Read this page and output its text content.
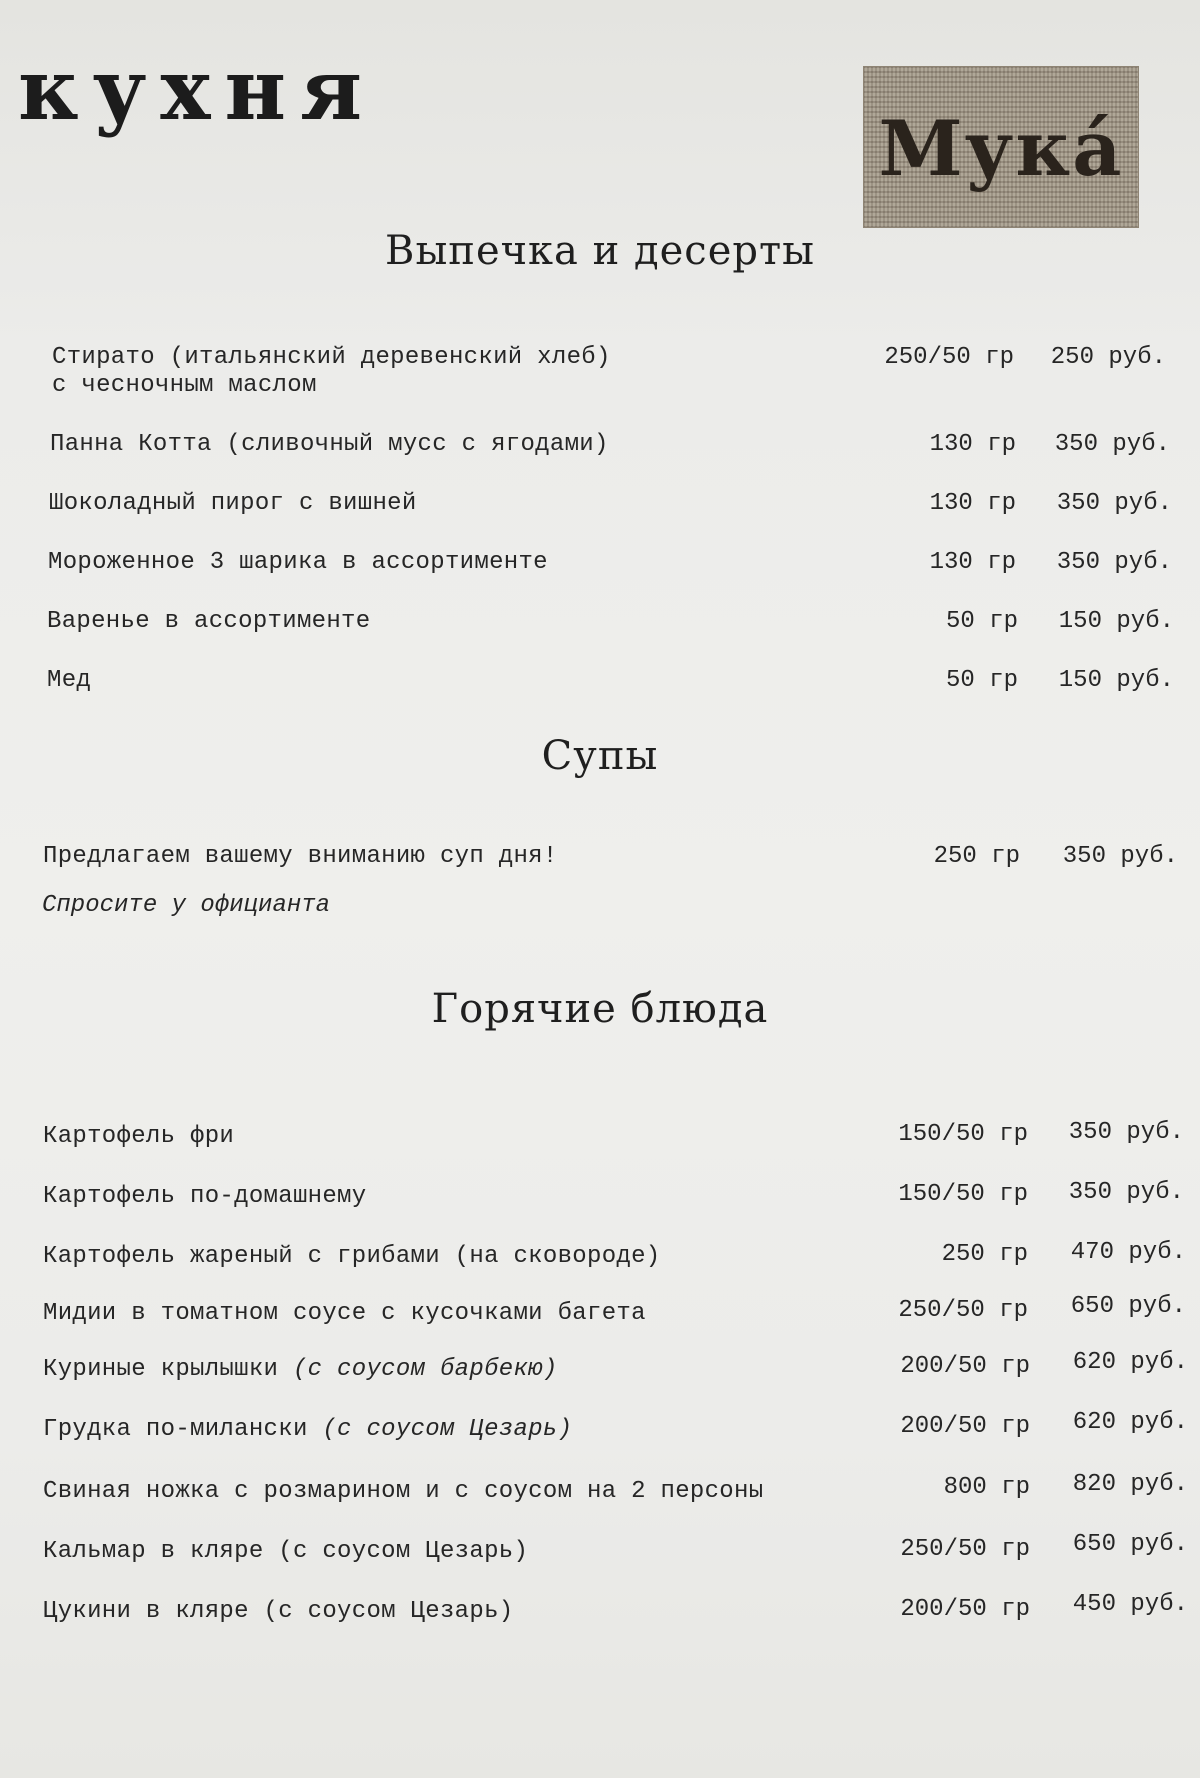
кухня
Мука́
Выпечка и десерты
Стирато (итальянский деревенский хлеб)
с чесночным маслом
250/50 гр	250 руб.
Панна Котта (сливочный мусс с ягодами)	130 гр	350 руб.
Шоколадный пирог с вишней	130 гр	350 руб.
Мороженное 3 шарика в ассортименте	130 гр	350 руб.
Варенье в ассортименте	50 гр	150 руб.
Мед	50 гр	150 руб.
Супы
Предлагаем вашему вниманию суп дня!	250 гр	350 руб.
Спросите у официанта
Горячие блюда
Картофель фри	150/50 гр	350 руб.
Картофель по-домашнему	150/50 гр	350 руб.
Картофель жареный с грибами (на сковороде)	250 гр	470 руб.
Мидии в томатном соусе с кусочками багета	250/50 гр	650 руб.
Куриные крылышки (с соусом барбекю)	200/50 гр	620 руб.
Грудка по-милански (с соусом Цезарь)	200/50 гр	620 руб.
Свиная ножка с розмарином и с соусом на 2 персоны	800 гр	820 руб.
Кальмар в кляре (с соусом Цезарь)	250/50 гр	650 руб.
Цукини в кляре (с соусом Цезарь)	200/50 гр	450 руб.
